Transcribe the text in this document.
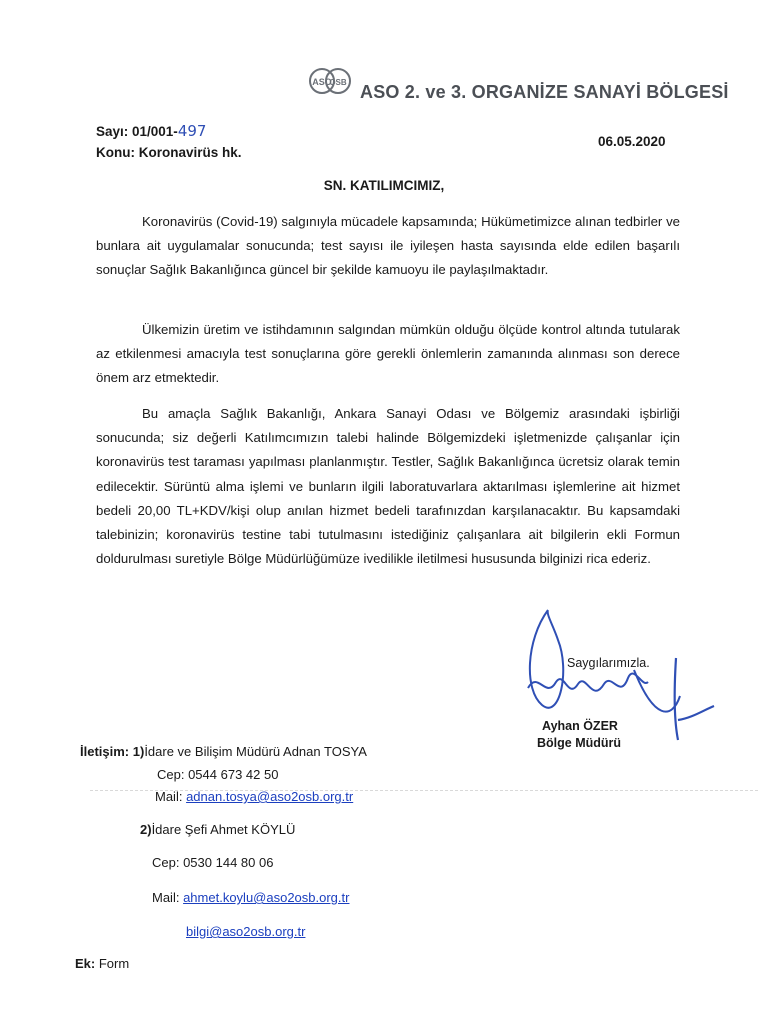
ASO
OSB ASO 2. ve 3. ORGANİZE SANAYİ BÖLGESİ
Sayı: 01/001-497
Konu: Koronavirüs hk.
06.05.2020
SN. KATILIMCIMIZ,

Koronavirüs (Covid-19) salgınıyla mücadele kapsamında; Hükümetimizce alınan tedbirler ve bunlara ait uygulamalar sonucunda; test sayısı ile iyileşen hasta sayısında elde edilen başarılı sonuçlar Sağlık Bakanlığınca güncel bir şekilde kamuoyu ile paylaşılmaktadır.

Ülkemizin üretim ve istihdamının salgından mümkün olduğu ölçüde kontrol altında tutularak az etkilenmesi amacıyla test sonuçlarına göre gerekli önlemlerin zamanında alınması son derece önem arz etmektedir.

Bu amaçla Sağlık Bakanlığı, Ankara Sanayi Odası ve Bölgemiz arasındaki işbirliği sonucunda; siz değerli Katılımcımızın talebi halinde Bölgemizdeki işletmenizde çalışanlar için koronavirüs test taraması yapılması planlanmıştır. Testler, Sağlık Bakanlığınca ücretsiz olarak temin edilecektir. Sürüntü alma işlemi ve bunların ilgili laboratuvarlara aktarılması işlemlerine ait hizmet bedeli 20,00 TL+KDV/kişi olup anılan hizmet bedeli tarafınızdan karşılanacaktır. Bu kapsamdaki talebinizin; koronavirüs testine tabi tutulmasını istediğiniz çalışanlara ait bilgilerin ekli Formun doldurulması suretiyle Bölge Müdürlüğümüze ivedilikle iletilmesi hususunda bilginizi rica ederiz.

Saygılarımızla.
Ayhan ÖZER
Bölge Müdürü
İletişim: 1)İdare ve Bilişim Müdürü Adnan TOSYA
Cep: 0544 673 42 50
Mail: adnan.tosya@aso2osb.org.tr
2)İdare Şefi Ahmet KÖYLÜ
Cep: 0530 144 80 06
Mail: ahmet.koylu@aso2osb.org.tr
bilgi@aso2osb.org.tr
Ek: Form
